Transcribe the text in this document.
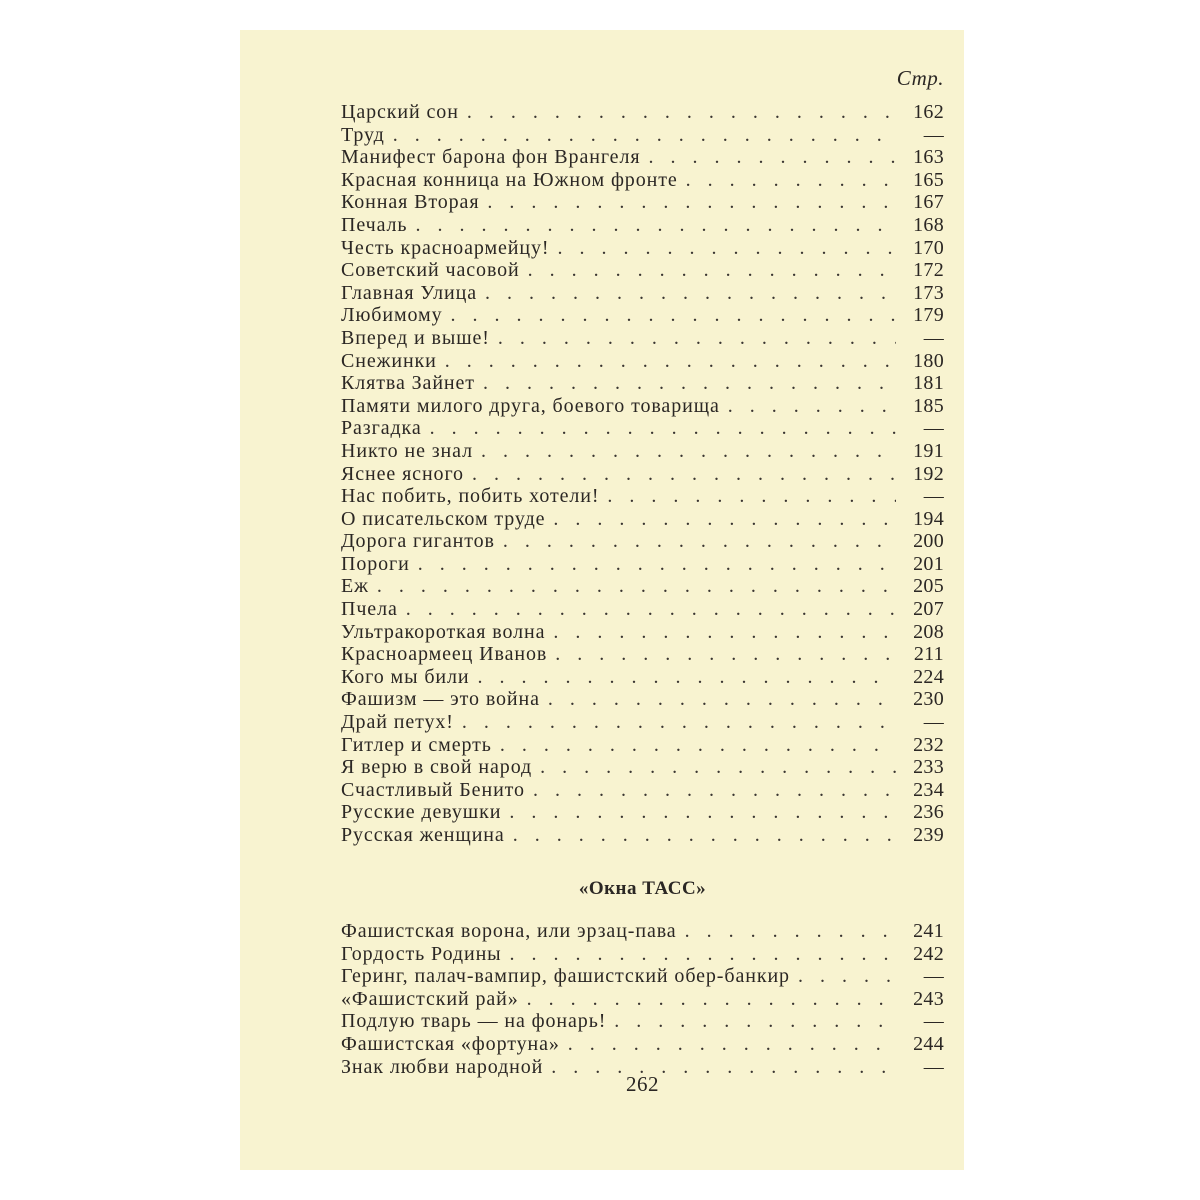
Стр.
Царский сон . . .	162
Труд . . .	—
Манифест барона фон Врангеля . . .	163
Красная конница на Южном фронте . . .	165
Конная Вторая . . .	167
Печаль . . .	168
Честь красноармейцу! . . .	170
Советский часовой . . .	172
Главная Улица . . .	173
Любимому . . .	179
Вперед и выше! . . .	—
Снежинки . . .	180
Клятва Зайнет . . .	181
Памяти милого друга, боевого товарища . . .	185
Разгадка . . .	—
Никто не знал . . .	191
Яснее ясного . . .	192
Нас побить, побить хотели! . . .	—
О писательском труде . . .	194
Дорога гигантов . . .	200
Пороги . . .	201
Еж . . .	205
Пчела . . .	207
Ультракороткая волна . . .	208
Красноармеец Иванов . . .	211
Кого мы били . . .	224
Фашизм — это война . . .	230
Драй петух! . . .	—
Гитлер и смерть . . .	232
Я верю в свой народ . . .	233
Счастливый Бенито . . .	234
Русские девушки . . .	236
Русская женщина . . .	239
«Окна ТАСС»
Фашистская ворона, или эрзац-пава . . .	241
Гордость Родины . . .	242
Геринг, палач-вампир, фашистский обер-банкир . . .	—
«Фашистский рай» . . .	243
Подлую тварь — на фонарь! . . .	—
Фашистская «фортуна» . . .	244
Знак любви народной . . .	—
262
